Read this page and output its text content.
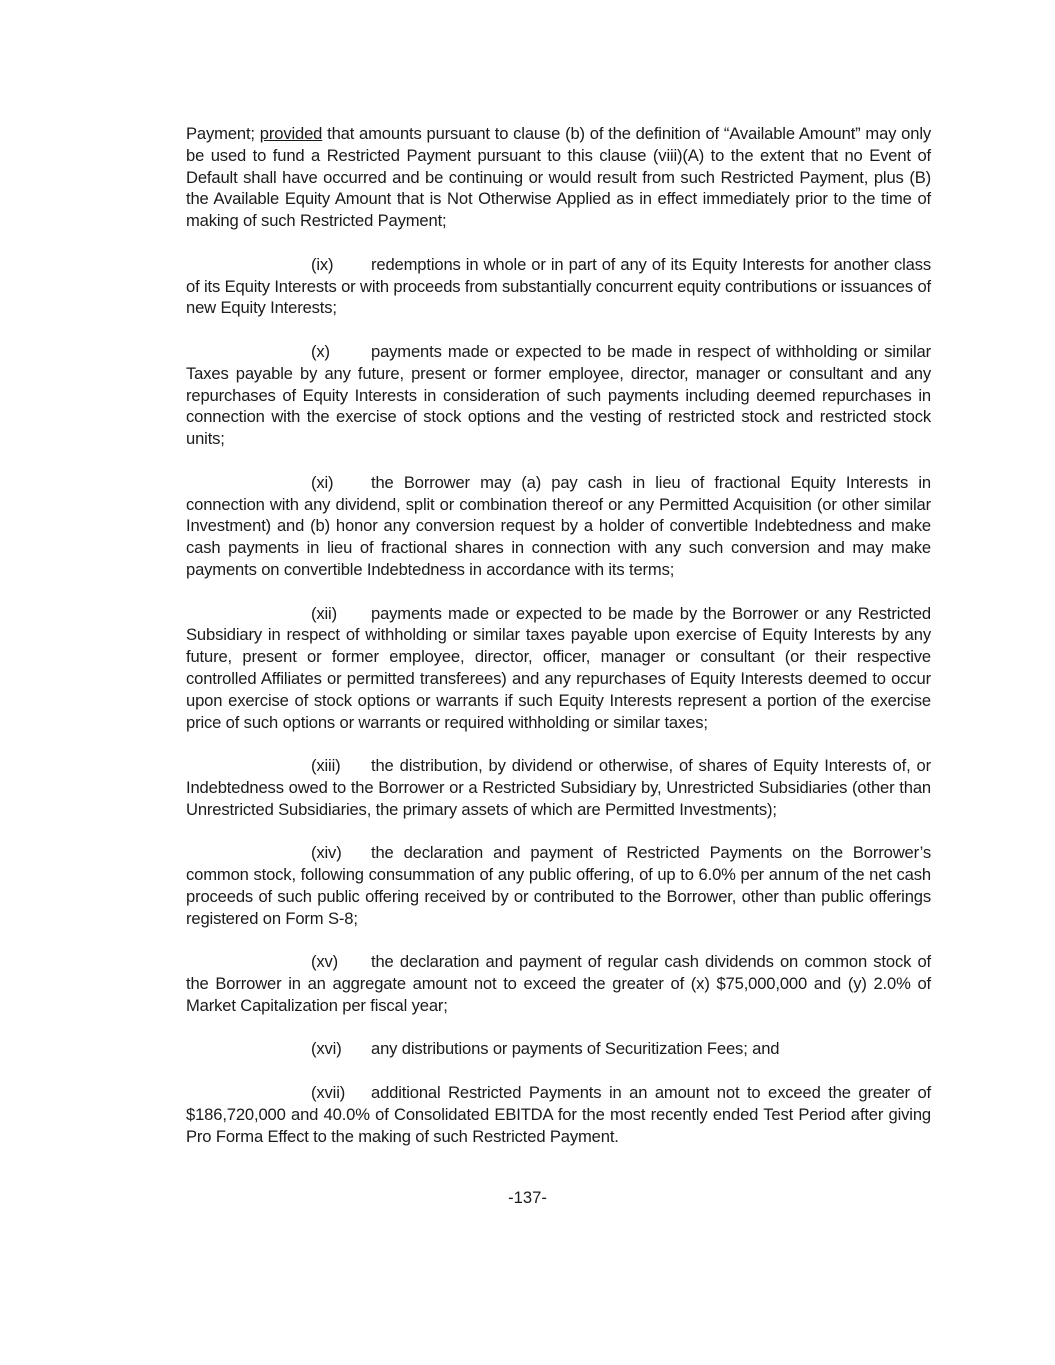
Payment; provided that amounts pursuant to clause (b) of the definition of “Available Amount” may only be used to fund a Restricted Payment pursuant to this clause (viii)(A) to the extent that no Event of Default shall have occurred and be continuing or would result from such Restricted Payment, plus (B) the Available Equity Amount that is Not Otherwise Applied as in effect immediately prior to the time of making of such Restricted Payment;

(ix) redemptions in whole or in part of any of its Equity Interests for another class of its Equity Interests or with proceeds from substantially concurrent equity contributions or issuances of new Equity Interests;

(x) payments made or expected to be made in respect of withholding or similar Taxes payable by any future, present or former employee, director, manager or consultant and any repurchases of Equity Interests in consideration of such payments including deemed repurchases in connection with the exercise of stock options and the vesting of restricted stock and restricted stock units;

(xi) the Borrower may (a) pay cash in lieu of fractional Equity Interests in connection with any dividend, split or combination thereof or any Permitted Acquisition (or other similar Investment) and (b) honor any conversion request by a holder of convertible Indebtedness and make cash payments in lieu of fractional shares in connection with any such conversion and may make payments on convertible Indebtedness in accordance with its terms;

(xii) payments made or expected to be made by the Borrower or any Restricted Subsidiary in respect of withholding or similar taxes payable upon exercise of Equity Interests by any future, present or former employee, director, officer, manager or consultant (or their respective controlled Affiliates or permitted transferees) and any repurchases of Equity Interests deemed to occur upon exercise of stock options or warrants if such Equity Interests represent a portion of the exercise price of such options or warrants or required withholding or similar taxes;

(xiii) the distribution, by dividend or otherwise, of shares of Equity Interests of, or Indebtedness owed to the Borrower or a Restricted Subsidiary by, Unrestricted Subsidiaries (other than Unrestricted Subsidiaries, the primary assets of which are Permitted Investments);

(xiv) the declaration and payment of Restricted Payments on the Borrower’s common stock, following consummation of any public offering, of up to 6.0% per annum of the net cash proceeds of such public offering received by or contributed to the Borrower, other than public offerings registered on Form S-8;

(xv) the declaration and payment of regular cash dividends on common stock of the Borrower in an aggregate amount not to exceed the greater of (x) $75,000,000 and (y) 2.0% of Market Capitalization per fiscal year;

(xvi) any distributions or payments of Securitization Fees; and

(xvii) additional Restricted Payments in an amount not to exceed the greater of $186,720,000 and 40.0% of Consolidated EBITDA for the most recently ended Test Period after giving Pro Forma Effect to the making of such Restricted Payment.

-137-
